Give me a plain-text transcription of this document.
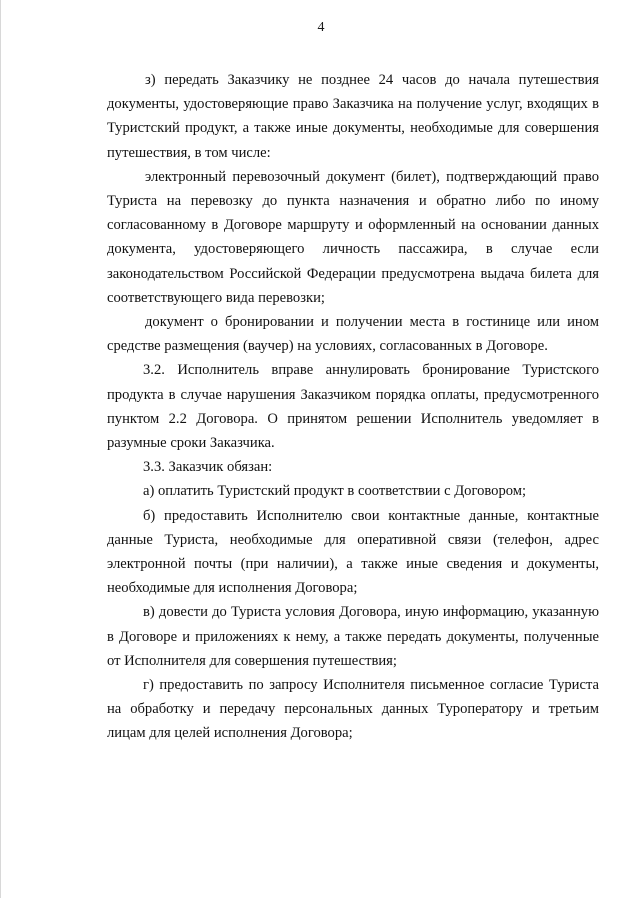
4

з) передать Заказчику не позднее 24 часов до начала путешествия документы, удостоверяющие право Заказчика на получение услуг, входящих в Туристский продукт, а также иные документы, необходимые для совершения путешествия, в том числе:

электронный перевозочный документ (билет), подтверждающий право Туриста на перевозку до пункта назначения и обратно либо по иному согласованному в Договоре маршруту и оформленный на основании данных документа, удостоверяющего личность пассажира, в случае если законодательством Российской Федерации предусмотрена выдача билета для соответствующего вида перевозки;

документ о бронировании и получении места в гостинице или ином средстве размещения (ваучер) на условиях, согласованных в Договоре.

3.2. Исполнитель вправе аннулировать бронирование Туристского продукта в случае нарушения Заказчиком порядка оплаты, предусмотренного пунктом 2.2 Договора. О принятом решении Исполнитель уведомляет в разумные сроки Заказчика.

3.3. Заказчик обязан:

а) оплатить Туристский продукт в соответствии с Договором;

б) предоставить Исполнителю свои контактные данные, контактные данные Туриста, необходимые для оперативной связи (телефон, адрес электронной почты (при наличии), а также иные сведения и документы, необходимые для исполнения Договора;

в) довести до Туриста условия Договора, иную информацию, указанную в Договоре и приложениях к нему, а также передать документы, полученные от Исполнителя для совершения путешествия;

г) предоставить по запросу Исполнителя письменное согласие Туриста на обработку и передачу персональных данных Туроператору и третьим лицам для целей исполнения Договора;
